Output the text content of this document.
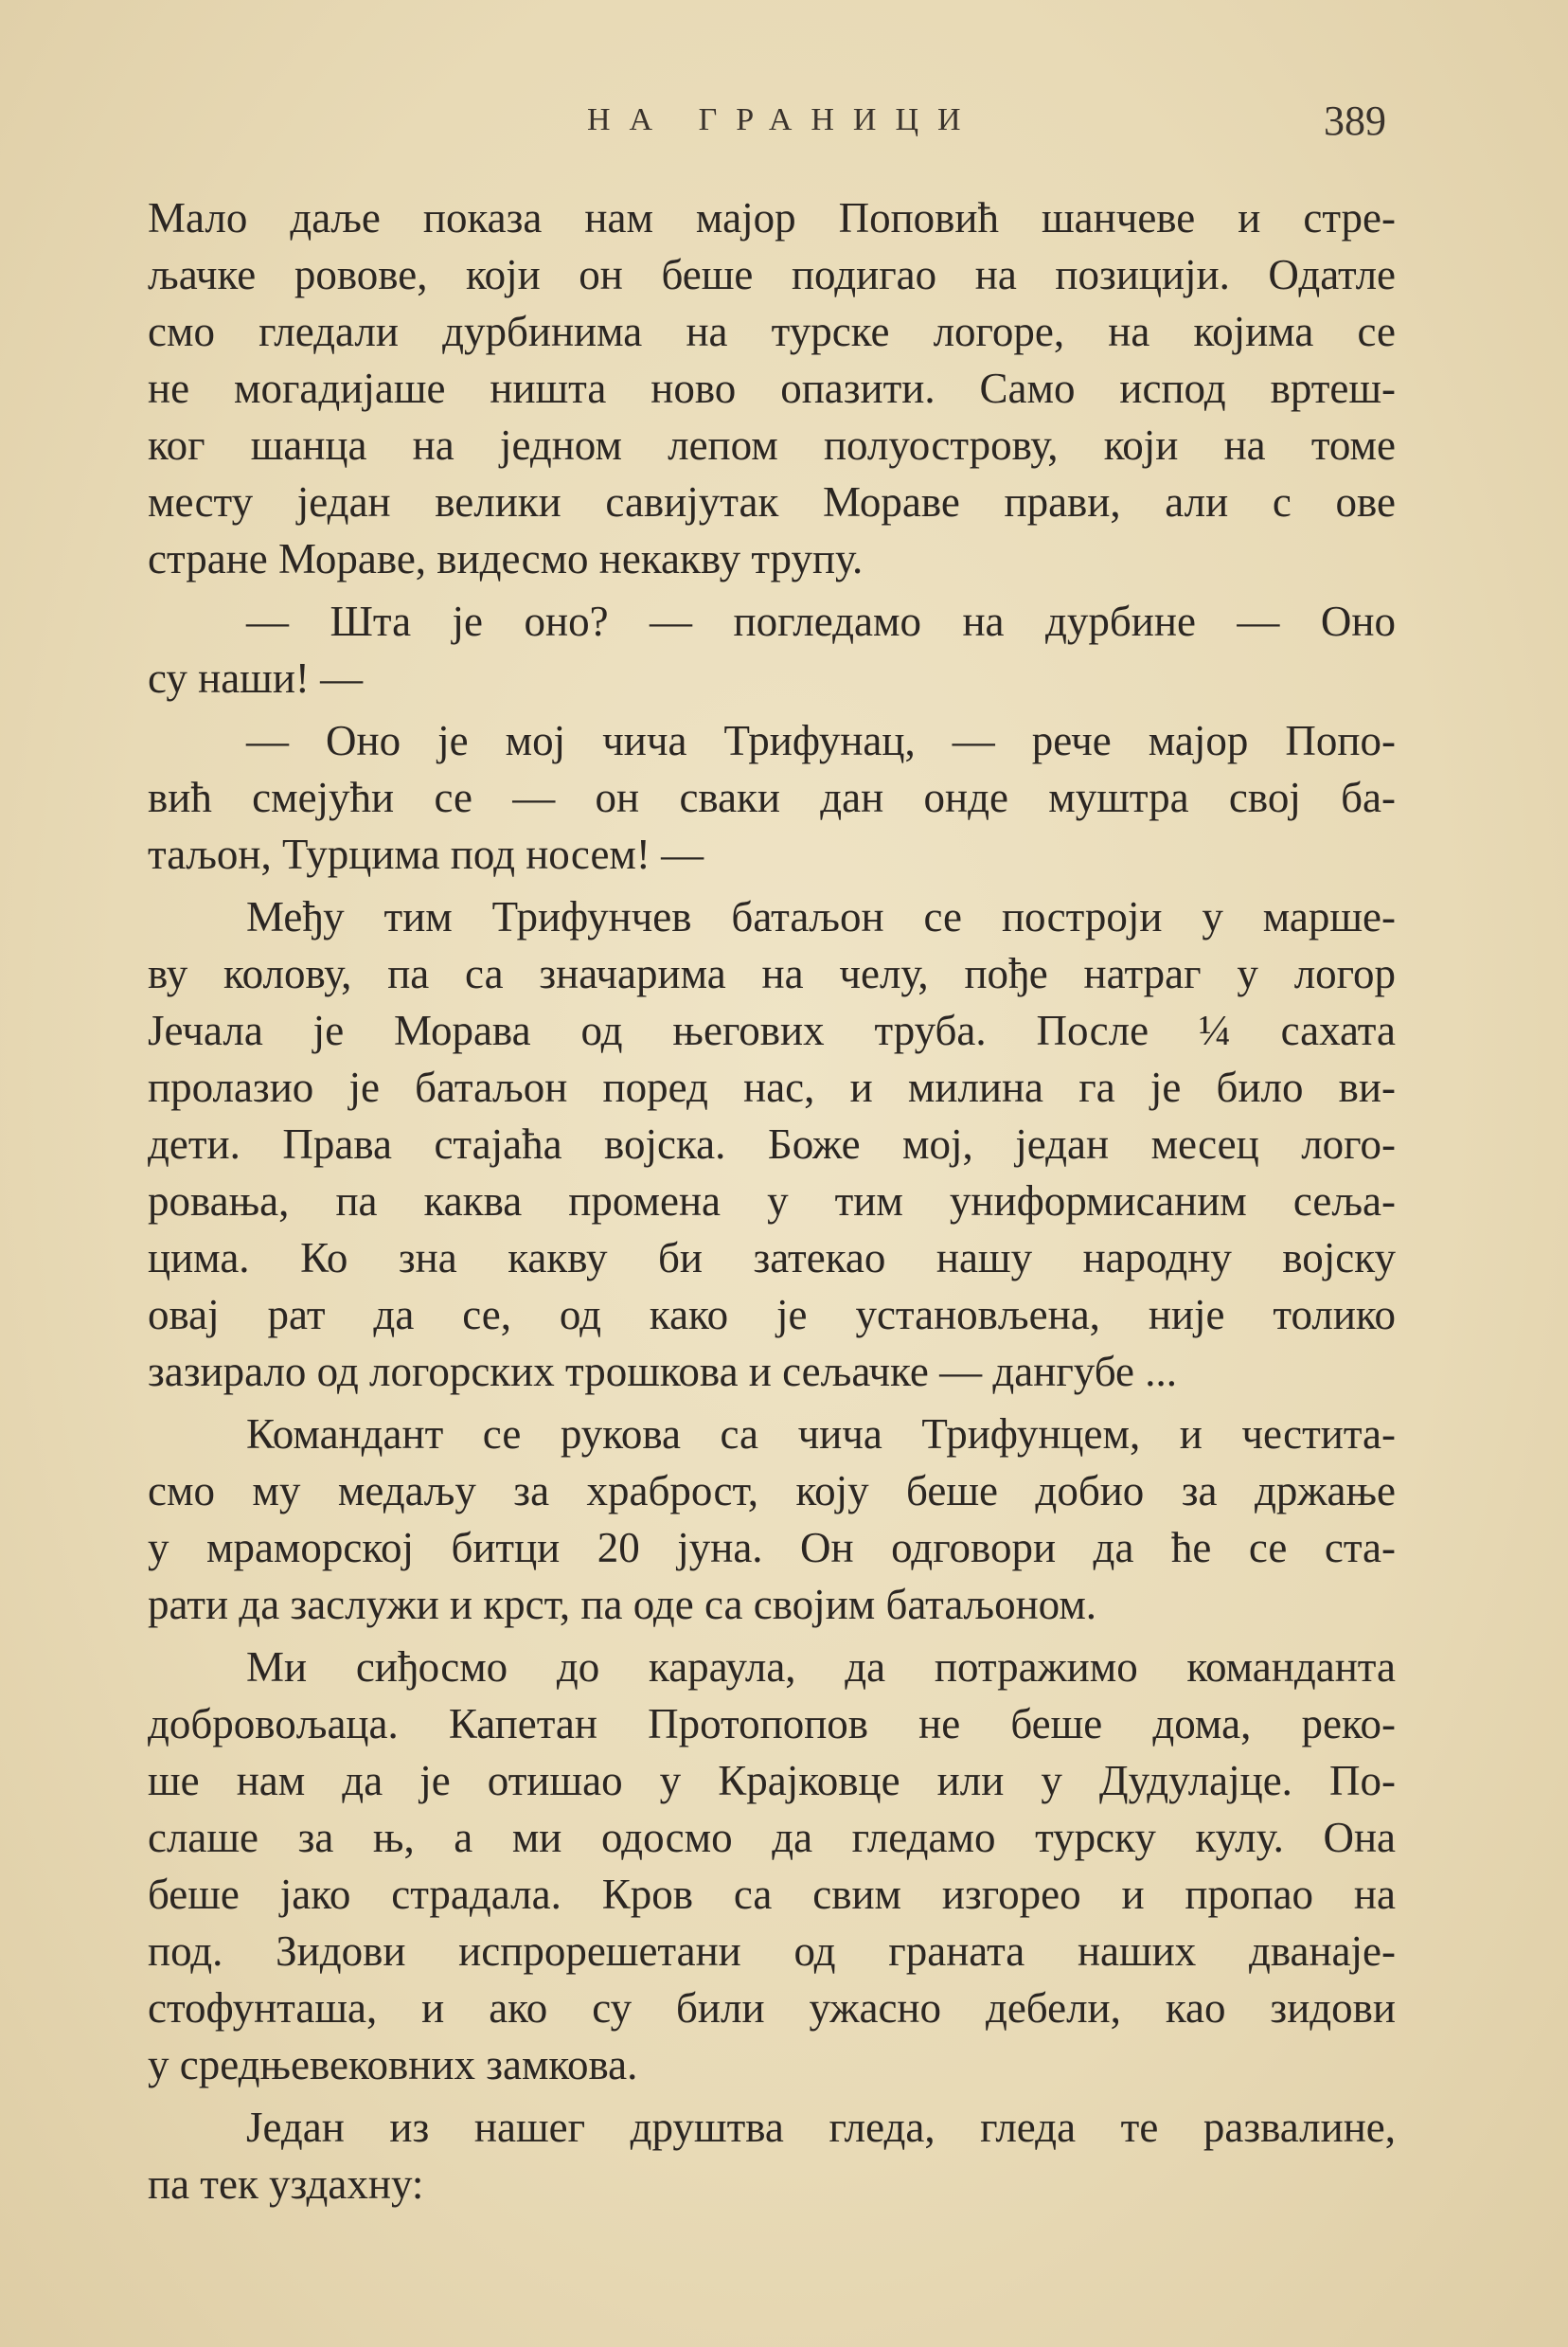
НА ГРАНИЦИ	389
Мало даље показа нам мајор Поповић шанчеве и стре-
љачке ровове, који он беше подигао на позицији. Одатле
смо гледали дурбинима на турске логоре, на којима се
не могадијаше ништа ново опазити. Само испод вртеш-
ког шанца на једном лепом полуострову, који на томе
месту један велики савијутак Мораве прави, али с ове
стране Мораве, видесмо некакву трупу.
— Шта је оно? — погледамо на дурбине — Оно
су наши! —
— Оно је мој чича Трифунац, — рече мајор Попо-
вић смејући се — он сваки дан онде муштра свој ба-
таљон, Турцима под носем! —
Међу тим Трифунчев батаљон се построји у марше-
ву колову, па са значарима на челу, пође натраг у логор
Јечала је Морава од његових труба. После ¼ сахата
пролазио је батаљон поред нас, и милина га је било ви-
дети. Права стајаћа војска. Боже мој, један месец лого-
ровања, па каква промена у тим униформисаним сеља-
цима. Ко зна какву би затекао нашу народну војску
овај рат да се, од како је установљена, није толико
зазирало од логорских трошкова и сељачке — дангубе ...
Командант се рукова са чича Трифунцем, и честита-
смо му медаљу за храброст, коју беше добио за држање
у мраморској битци 20 јуна. Он одговори да ће се ста-
рати да заслужи и крст, па оде са својим батаљоном.
Ми сиђосмо до караула, да потражимо команданта
добровољаца. Капетан Протопопов не беше дома, реко-
ше нам да је отишао у Крајковце или у Дудулајце. По-
слаше за њ, а ми одосмо да гледамо турску кулу. Она
беше јако страдала. Кров са свим изгорео и пропао на
под. Зидови испрорешетани од граната наших дванаје-
стофунташа, и ако су били ужасно дебели, као зидови
у средњевековних замкова.
Један из нашег друштва гледа, гледа те развалине,
па тек уздахну:
